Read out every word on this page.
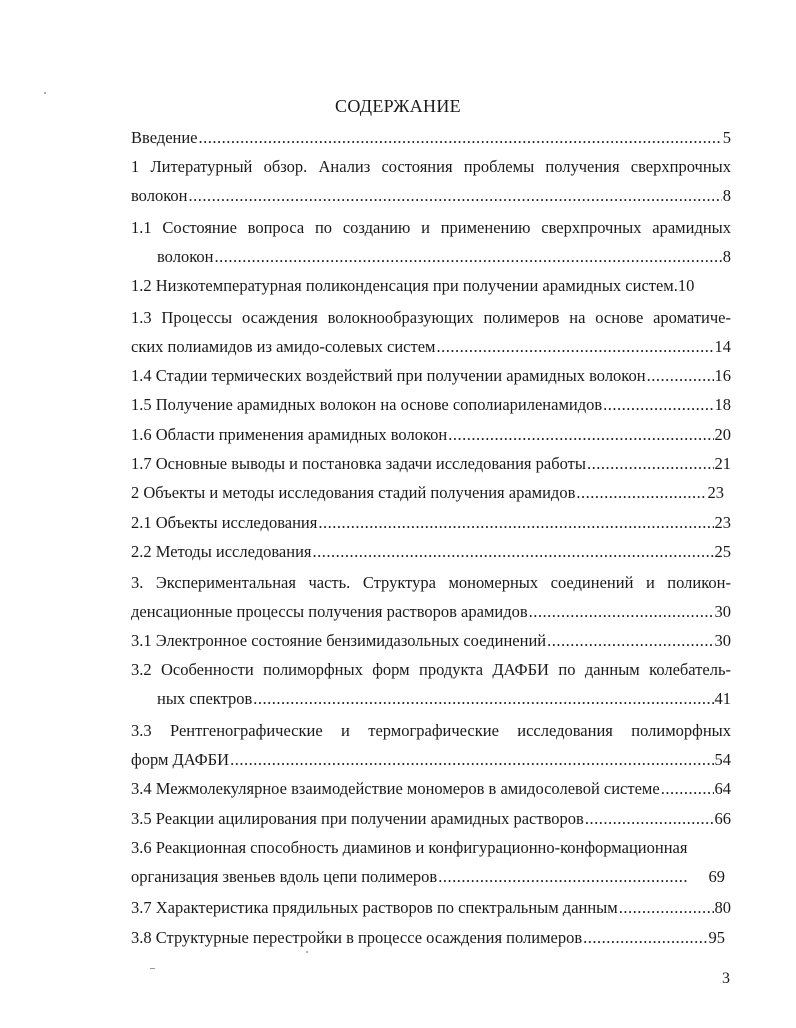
СОДЕРЖАНИЕ
Введение .....	5
1 Литературный обзор. Анализ состояния проблемы получения сверхпрочных
волокон .....	8
1.1 Состояние вопроса по созданию и применению сверхпрочных арамидных
волокон .....	8
1.2 Низкотемпературная поликонденсация при получении арамидных систем. 10
1.3 Процессы осаждения волокнообразующих полимеров на основе ароматиче-
ских полиамидов из амидо-солевых систем .....	14
1.4 Стадии термических воздействий при получении арамидных волокон .....	16
1.5 Получение арамидных волокон на основе сополиариленамидов .....	18
1.6 Области применения арамидных волокон .....	20
1.7 Основные выводы и постановка задачи исследования работы .....	21
2 Объекты и методы исследования стадий получения арамидов .....	23
2.1 Объекты исследования .....	23
2.2 Методы исследования .....	25
3. Экспериментальная часть. Структура мономерных соединений и поликон-
денсационные процессы получения растворов арамидов .....	30
3.1 Электронное состояние бензимидазольных соединений .....	30
3.2 Особенности полиморфных форм продукта ДАФБИ по данным колебатель-
ных спектров .....	41
3.3 Рентгенографические и термографические исследования полиморфных
форм ДАФБИ .....	54
3.4 Межмолекулярное взаимодействие мономеров в амидосолевой системе .....	64
3.5 Реакции ацилирования при получении арамидных растворов .....	66
3.6 Реакционная способность диаминов и конфигурационно-конформационная
организация звеньев вдоль цепи полимеров .....	69
3.7 Характеристика прядильных растворов по спектральным данным .....	80
3.8 Структурные перестройки в процессе осаждения полимеров .....	95
3
